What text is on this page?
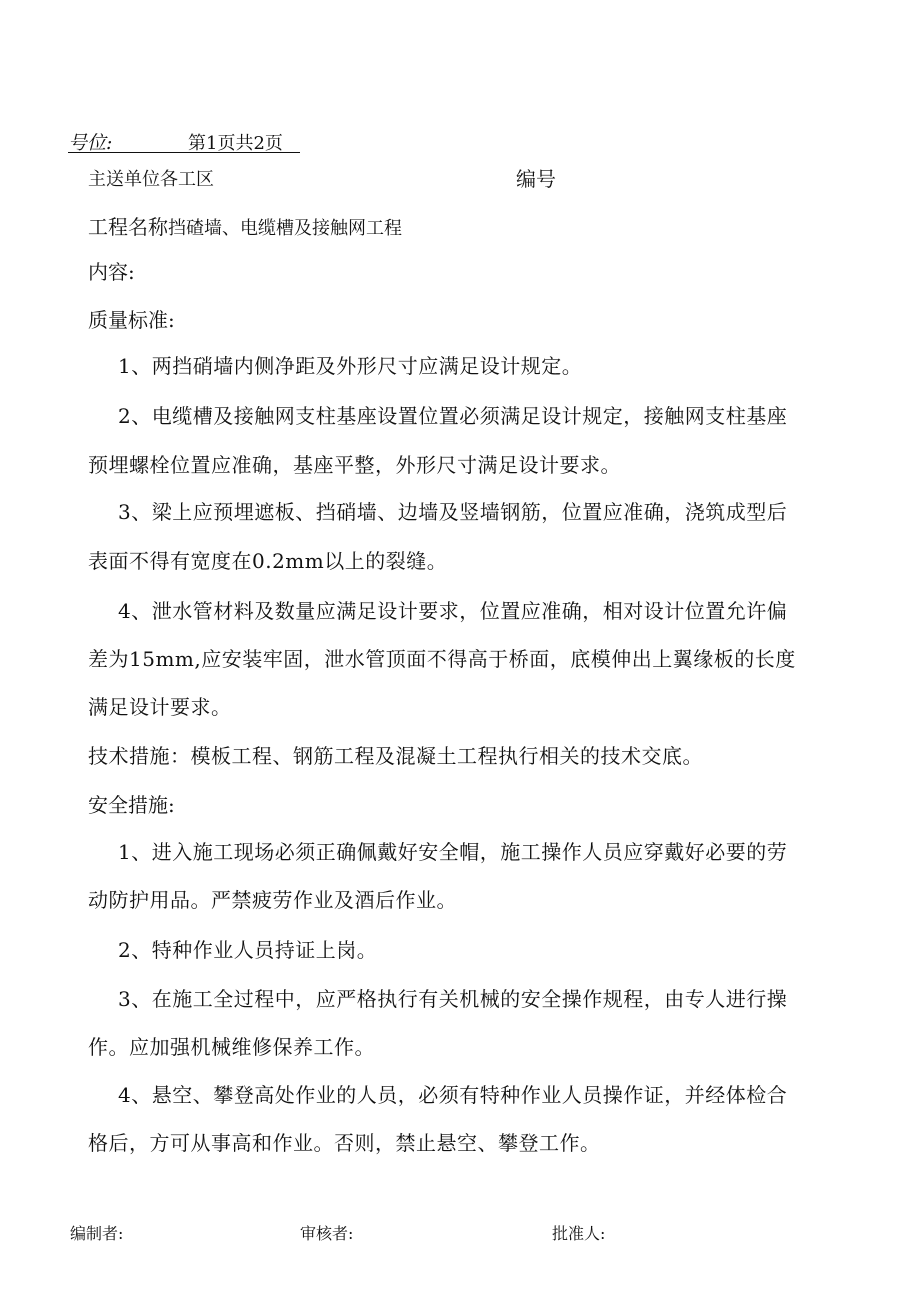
号位:	第1页共2页
主送单位各工区	编号
工程名称挡碴墙、电缆槽及接触网工程
内容:
质量标准:
1、两挡硝墙内侧净距及外形尺寸应满足设计规定。
2、电缆槽及接触网支柱基座设置位置必须满足设计规定，接触网支柱基座
预埋螺栓位置应准确，基座平整，外形尺寸满足设计要求。
3、梁上应预埋遮板、挡硝墙、边墙及竖墙钢筋，位置应准确，浇筑成型后
表面不得有宽度在0.2mm以上的裂缝。
4、泄水管材料及数量应满足设计要求，位置应准确，相对设计位置允许偏
差为15mm,应安装牢固，泄水管顶面不得高于桥面，底模伸出上翼缘板的长度
满足设计要求。
技术措施：模板工程、钢筋工程及混凝土工程执行相关的技术交底。
安全措施:
1、进入施工现场必须正确佩戴好安全帽，施工操作人员应穿戴好必要的劳
动防护用品。严禁疲劳作业及酒后作业。
2、特种作业人员持证上岗。
3、在施工全过程中，应严格执行有关机械的安全操作规程，由专人进行操
作。应加强机械维修保养工作。
4、悬空、攀登高处作业的人员，必须有特种作业人员操作证，并经体检合
格后，方可从事高和作业。否则，禁止悬空、攀登工作。
编制者:	审核者:	批准人:
